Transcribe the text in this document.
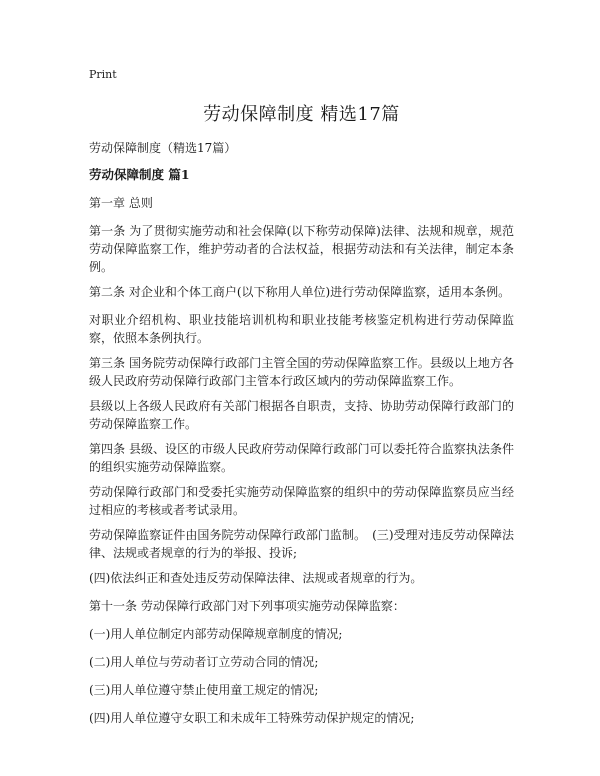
Print
劳动保障制度 精选17篇
劳动保障制度（精选17篇）
劳动保障制度 篇1

第一章 总则

第一条 为了贯彻实施劳动和社会保障(以下称劳动保障)法律、法规和规章，规范劳动保障监察工作，维护劳动者的合法权益，根据劳动法和有关法律，制定本条例。

第二条 对企业和个体工商户(以下称用人单位)进行劳动保障监察，适用本条例。

对职业介绍机构、职业技能培训机构和职业技能考核鉴定机构进行劳动保障监察，依照本条例执行。

第三条 国务院劳动保障行政部门主管全国的劳动保障监察工作。县级以上地方各级人民政府劳动保障行政部门主管本行政区域内的劳动保障监察工作。

县级以上各级人民政府有关部门根据各自职责，支持、协助劳动保障行政部门的劳动保障监察工作。

第四条 县级、设区的市级人民政府劳动保障行政部门可以委托符合监察执法条件的组织实施劳动保障监察。

劳动保障行政部门和受委托实施劳动保障监察的组织中的劳动保障监察员应当经过相应的考核或者考试录用。

劳动保障监察证件由国务院劳动保障行政部门监制。　(三)受理对违反劳动保障法律、法规或者规章的行为的举报、投诉;

(四)依法纠正和查处违反劳动保障法律、法规或者规章的行为。

第十一条 劳动保障行政部门对下列事项实施劳动保障监察：

(一)用人单位制定内部劳动保障规章制度的情况;

(二)用人单位与劳动者订立劳动合同的情况;

(三)用人单位遵守禁止使用童工规定的情况;

(四)用人单位遵守女职工和未成年工特殊劳动保护规定的情况;
